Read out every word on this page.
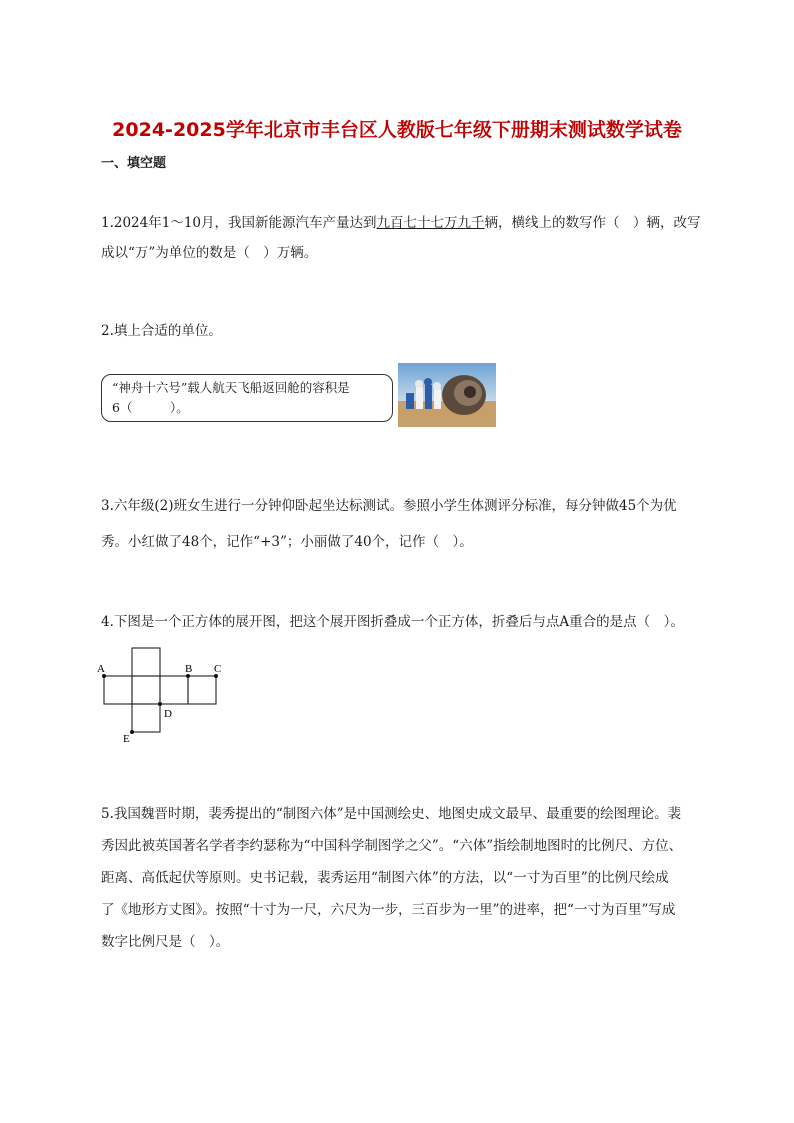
2024-2025学年北京市丰台区人教版七年级下册期末测试数学试卷
一、填空题
1.2024年1～10月，我国新能源汽车产量达到九百七十七万九千辆，横线上的数写作（　）辆，改写成以“万”为单位的数是（　）万辆。
2.填上合适的单位。
“神舟十六号”载人航天飞船返回舱的容积是
6（　　　）。
3.六年级(2)班女生进行一分钟仰卧起坐达标测试。参照小学生体测评分标准，每分钟做45个为优秀。小红做了48个，记作“+3”；小丽做了40个，记作（　）。
4.下图是一个正方体的展开图，把这个展开图折叠成一个正方体，折叠后与点A重合的是点（　）。
A	B C
D
E
5.我国魏晋时期，裴秀提出的“制图六体”是中国测绘史、地图史成文最早、最重要的绘图理论。裴
秀因此被英国著名学者李约瑟称为“中国科学制图学之父”。“六体”指绘制地图时的比例尺、方位、
距离、高低起伏等原则。史书记载，裴秀运用“制图六体”的方法，以“一寸为百里”的比例尺绘成
了《地形方丈图》。按照“十寸为一尺，六尺为一步，三百步为一里”的进率，把“一寸为百里”写成
数字比例尺是（　）。
